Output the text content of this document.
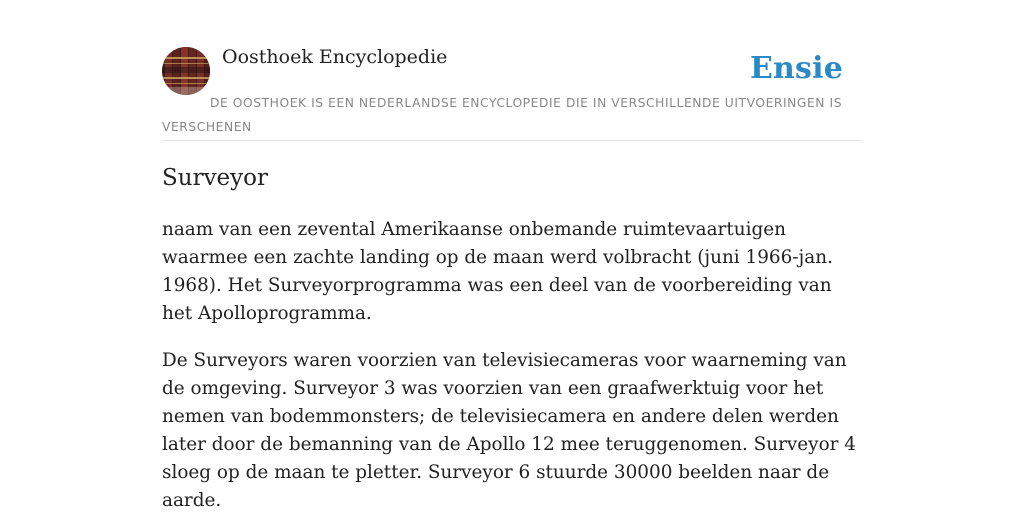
Oosthoek Encyclopedie	Ensie
DE OOSTHOEK IS EEN NEDERLANDSE ENCYCLOPEDIE DIE IN VERSCHILLENDE UITVOERINGEN IS VERSCHENEN
Surveyor

naam van een zevental Amerikaanse onbemande ruimtevaartuigen waarmee een zachte landing op de maan werd volbracht (juni 1966-jan. 1968). Het Surveyorprogramma was een deel van de voorbereiding van het Apolloprogramma.

De Surveyors waren voorzien van televisiecameras voor waarneming van de omgeving. Surveyor 3 was voorzien van een graafwerktuig voor het nemen van bodemmonsters; de televisiecamera en andere delen werden later door de bemanning van de Apollo 12 mee teruggenomen. Surveyor 4 sloeg op de maan te pletter. Surveyor 6 stuurde 30000 beelden naar de aarde.
